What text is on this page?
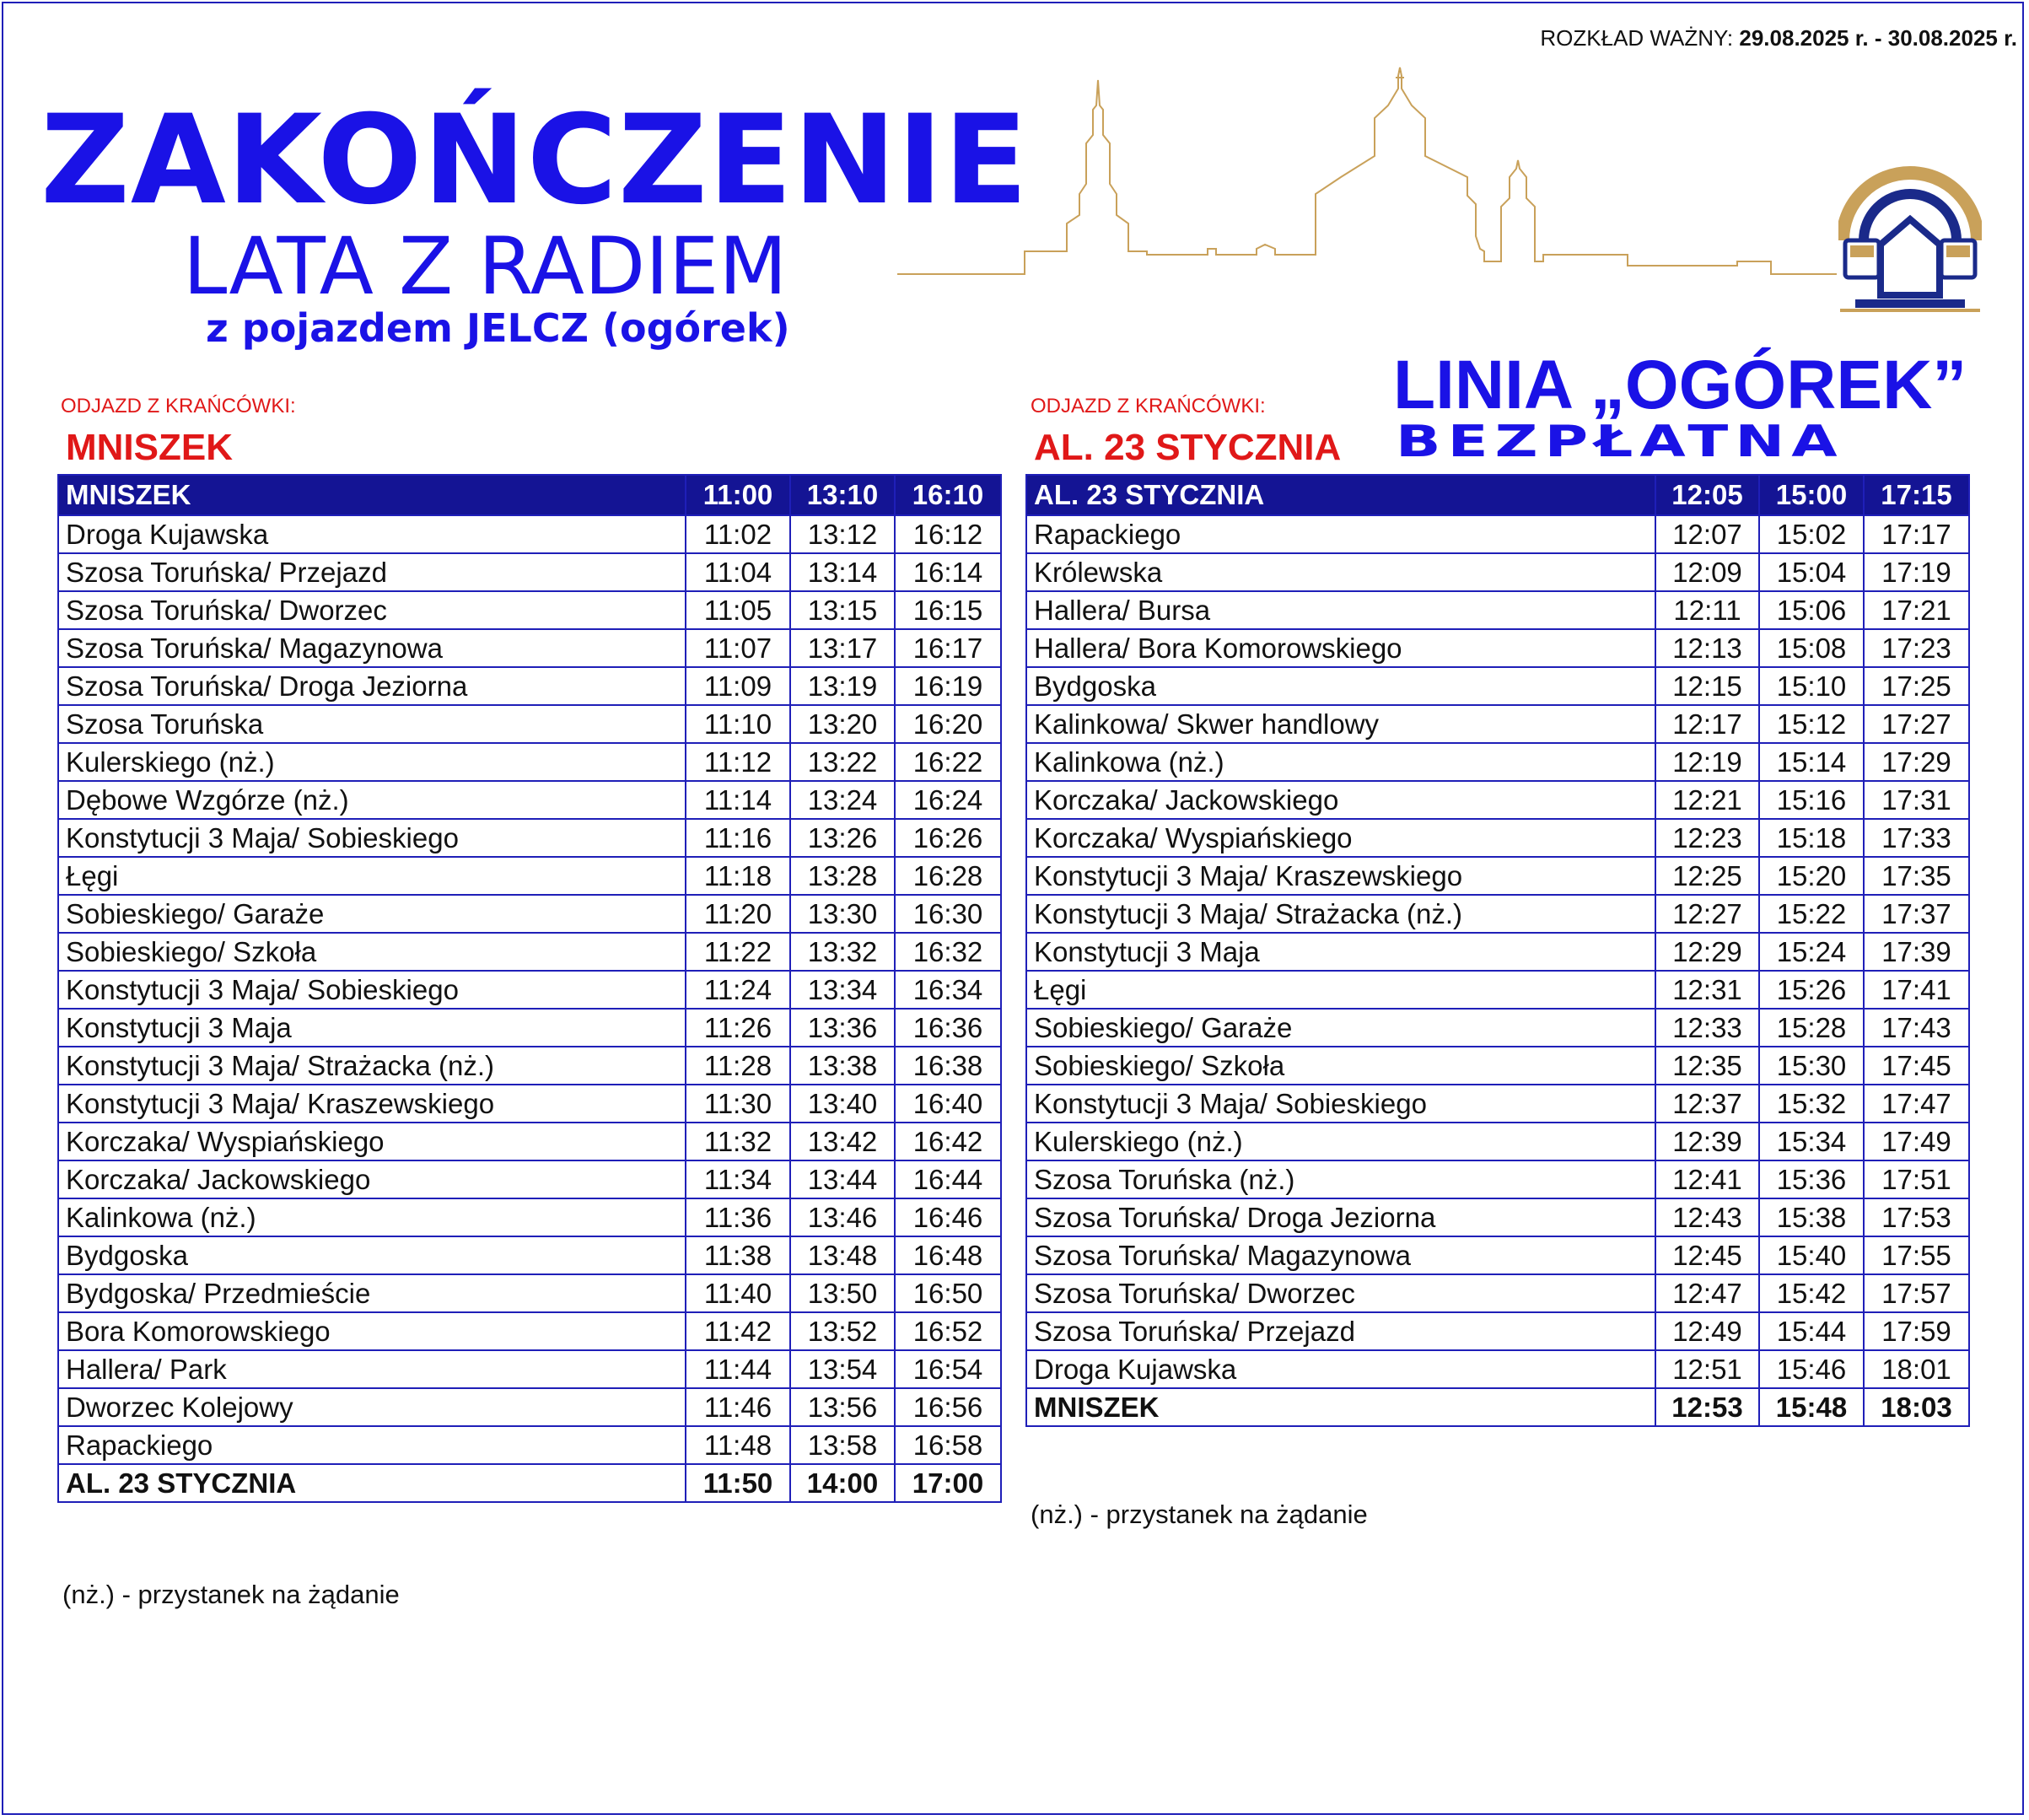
ROZKŁAD WAŻNY: 29.08.2025 r. - 30.08.2025 r.
ZAKOŃCZENIE
LATA Z RADIEM
z pojazdem JELCZ (ogórek)
LINIA „OGÓREK”
BEZPŁATNA
ODJAZD Z KRAŃCÓWKI:
MNISZEK
ODJAZD Z KRAŃCÓWKI:
AL. 23 STYCZNIA
MNISZEK	11:00	13:10	16:10
Droga Kujawska	11:02	13:12	16:12
Szosa Toruńska/ Przejazd	11:04	13:14	16:14
Szosa Toruńska/ Dworzec	11:05	13:15	16:15
Szosa Toruńska/ Magazynowa	11:07	13:17	16:17
Szosa Toruńska/ Droga Jeziorna	11:09	13:19	16:19
Szosa Toruńska	11:10	13:20	16:20
Kulerskiego (nż.)	11:12	13:22	16:22
Dębowe Wzgórze (nż.)	11:14	13:24	16:24
Konstytucji 3 Maja/ Sobieskiego	11:16	13:26	16:26
Łęgi	11:18	13:28	16:28
Sobieskiego/ Garaże	11:20	13:30	16:30
Sobieskiego/ Szkoła	11:22	13:32	16:32
Konstytucji 3 Maja/ Sobieskiego	11:24	13:34	16:34
Konstytucji 3 Maja	11:26	13:36	16:36
Konstytucji 3 Maja/ Strażacka (nż.)	11:28	13:38	16:38
Konstytucji 3 Maja/ Kraszewskiego	11:30	13:40	16:40
Korczaka/ Wyspiańskiego	11:32	13:42	16:42
Korczaka/ Jackowskiego	11:34	13:44	16:44
Kalinkowa (nż.)	11:36	13:46	16:46
Bydgoska	11:38	13:48	16:48
Bydgoska/ Przedmieście	11:40	13:50	16:50
Bora Komorowskiego	11:42	13:52	16:52
Hallera/ Park	11:44	13:54	16:54
Dworzec Kolejowy	11:46	13:56	16:56
Rapackiego	11:48	13:58	16:58
AL. 23 STYCZNIA	11:50	14:00	17:00
(nż.) - przystanek na żądanie
AL. 23 STYCZNIA	12:05	15:00	17:15
Rapackiego	12:07	15:02	17:17
Królewska	12:09	15:04	17:19
Hallera/ Bursa	12:11	15:06	17:21
Hallera/ Bora Komorowskiego	12:13	15:08	17:23
Bydgoska	12:15	15:10	17:25
Kalinkowa/ Skwer handlowy	12:17	15:12	17:27
Kalinkowa (nż.)	12:19	15:14	17:29
Korczaka/ Jackowskiego	12:21	15:16	17:31
Korczaka/ Wyspiańskiego	12:23	15:18	17:33
Konstytucji 3 Maja/ Kraszewskiego	12:25	15:20	17:35
Konstytucji 3 Maja/ Strażacka (nż.)	12:27	15:22	17:37
Konstytucji 3 Maja	12:29	15:24	17:39
Łęgi	12:31	15:26	17:41
Sobieskiego/ Garaże	12:33	15:28	17:43
Sobieskiego/ Szkoła	12:35	15:30	17:45
Konstytucji 3 Maja/ Sobieskiego	12:37	15:32	17:47
Kulerskiego (nż.)	12:39	15:34	17:49
Szosa Toruńska (nż.)	12:41	15:36	17:51
Szosa Toruńska/ Droga Jeziorna	12:43	15:38	17:53
Szosa Toruńska/ Magazynowa	12:45	15:40	17:55
Szosa Toruńska/ Dworzec	12:47	15:42	17:57
Szosa Toruńska/ Przejazd	12:49	15:44	17:59
Droga Kujawska	12:51	15:46	18:01
MNISZEK	12:53	15:48	18:03
(nż.) - przystanek na żądanie
